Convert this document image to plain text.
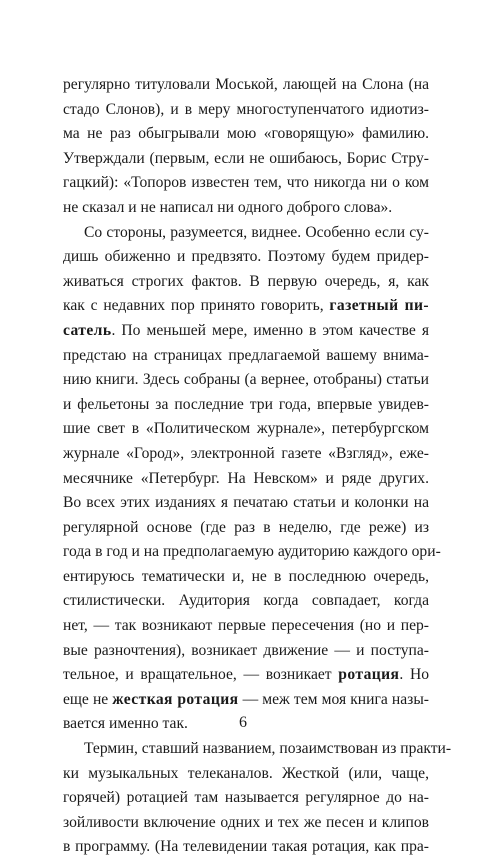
регулярно титуловали Моськой, лающей на Слона (на
стадо Слонов), и в меру многоступенчатого идиотиз-
ма не раз обыгрывали мою «говорящую» фамилию.
Утверждали (первым, если не ошибаюсь, Борис Стру-
гацкий): «Топоров известен тем, что никогда ни о ком
не сказал и не написал ни одного доброго слова».
Со стороны, разумеется, виднее. Особенно если су-
дишь обиженно и предвзято. Поэтому будем придер-
живаться строгих фактов. В первую очередь, я, как
как с недавних пор принято говорить, газетный пи-
сатель. По меньшей мере, именно в этом качестве я
предстаю на страницах предлагаемой вашему внима-
нию книги. Здесь собраны (а вернее, отобраны) статьи
и фельетоны за последние три года, впервые увидев-
шие свет в «Политическом журнале», петербургском
журнале «Город», электронной газете «Взгляд», еже-
месячнике «Петербург. На Невском» и ряде других.
Во всех этих изданиях я печатаю статьи и колонки на
регулярной основе (где раз в неделю, где реже) из
года в год и на предполагаемую аудиторию каждого ори-
ентируюсь тематически и, не в последнюю очередь,
стилистически. Аудитория когда совпадает, когда
нет, — так возникают первые пересечения (но и пер-
вые разночтения), возникает движение — и поступа-
тельное, и вращательное, — возникает ротация. Но
еще не жесткая ротация — меж тем моя книга назы-
вается именно так.
Термин, ставший названием, позаимствован из практи-
ки музыкальных телеканалов. Жесткой (или, чаще,
горячей) ротацией там называется регулярное до на-
зойливости включение одних и тех же песен и клипов
в программу. (На телевидении такая ротация, как пра-
6
